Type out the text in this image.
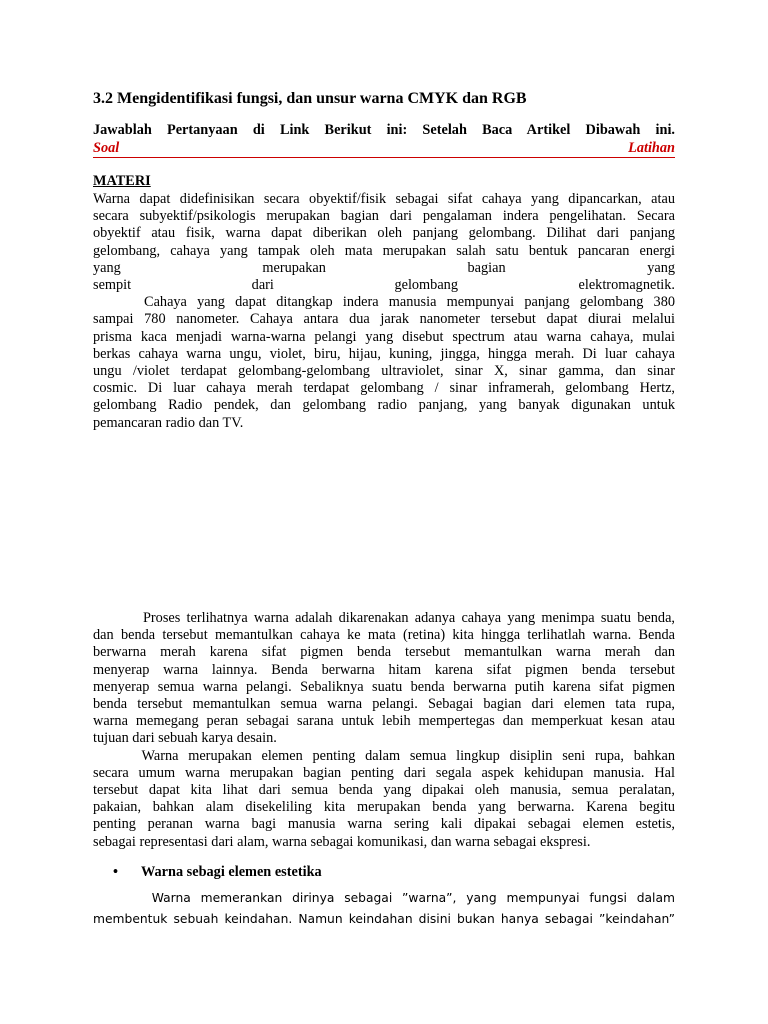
3.2 Mengidentifikasi fungsi, dan unsur warna CMYK dan RGB
Jawablah Pertanyaan di Link Berikut ini: Setelah Baca Artikel Dibawah ini.
Soal	Latihan
MATERI
Warna dapat didefinisikan secara obyektif/fisik sebagai sifat cahaya yang dipancarkan, atau
secara subyektif/psikologis merupakan bagian dari pengalaman indera pengelihatan. Secara
obyektif atau fisik, warna dapat diberikan oleh panjang gelombang. Dilihat dari panjang
gelombang, cahaya yang tampak oleh mata merupakan salah satu bentuk pancaran energi
yang merupakan bagian yang
sempit dari gelombang elektromagnetik.
Cahaya yang dapat ditangkap indera manusia mempunyai panjang gelombang 380
sampai 780 nanometer. Cahaya antara dua jarak nanometer tersebut dapat diurai melalui
prisma kaca menjadi warna-warna pelangi yang disebut spectrum atau warna cahaya, mulai
berkas cahaya warna ungu, violet, biru, hijau, kuning, jingga, hingga merah. Di luar cahaya
ungu /violet terdapat gelombang-gelombang ultraviolet, sinar X, sinar gamma, dan sinar
cosmic. Di luar cahaya merah terdapat gelombang / sinar inframerah, gelombang Hertz,
gelombang Radio pendek, dan gelombang radio panjang, yang banyak digunakan untuk
pemancaran radio dan TV.
Proses terlihatnya warna adalah dikarenakan adanya cahaya yang menimpa suatu benda,
dan benda tersebut memantulkan cahaya ke mata (retina) kita hingga terlihatlah warna. Benda
berwarna merah karena sifat pigmen benda tersebut memantulkan warna merah dan
menyerap warna lainnya. Benda berwarna hitam karena sifat pigmen benda tersebut
menyerap semua warna pelangi. Sebaliknya suatu benda berwarna putih karena sifat pigmen
benda tersebut memantulkan semua warna pelangi. Sebagai bagian dari elemen tata rupa,
warna memegang peran sebagai sarana untuk lebih mempertegas dan memperkuat kesan atau
tujuan dari sebuah karya desain.
Warna merupakan elemen penting dalam semua lingkup disiplin seni rupa, bahkan
secara umum warna merupakan bagian penting dari segala aspek kehidupan manusia. Hal
tersebut dapat kita lihat dari semua benda yang dipakai oleh manusia, semua peralatan,
pakaian, bahkan alam disekeliling kita merupakan benda yang berwarna. Karena begitu
penting peranan warna bagi manusia warna sering kali dipakai sebagai elemen estetis,
sebagai representasi dari alam, warna sebagai komunikasi, dan warna sebagai ekspresi.
• Warna sebagi elemen estetika
Warna memerankan dirinya sebagai ”warna”, yang mempunyai fungsi dalam
membentuk sebuah keindahan. Namun keindahan disini bukan hanya sebagai ”keindahan”
